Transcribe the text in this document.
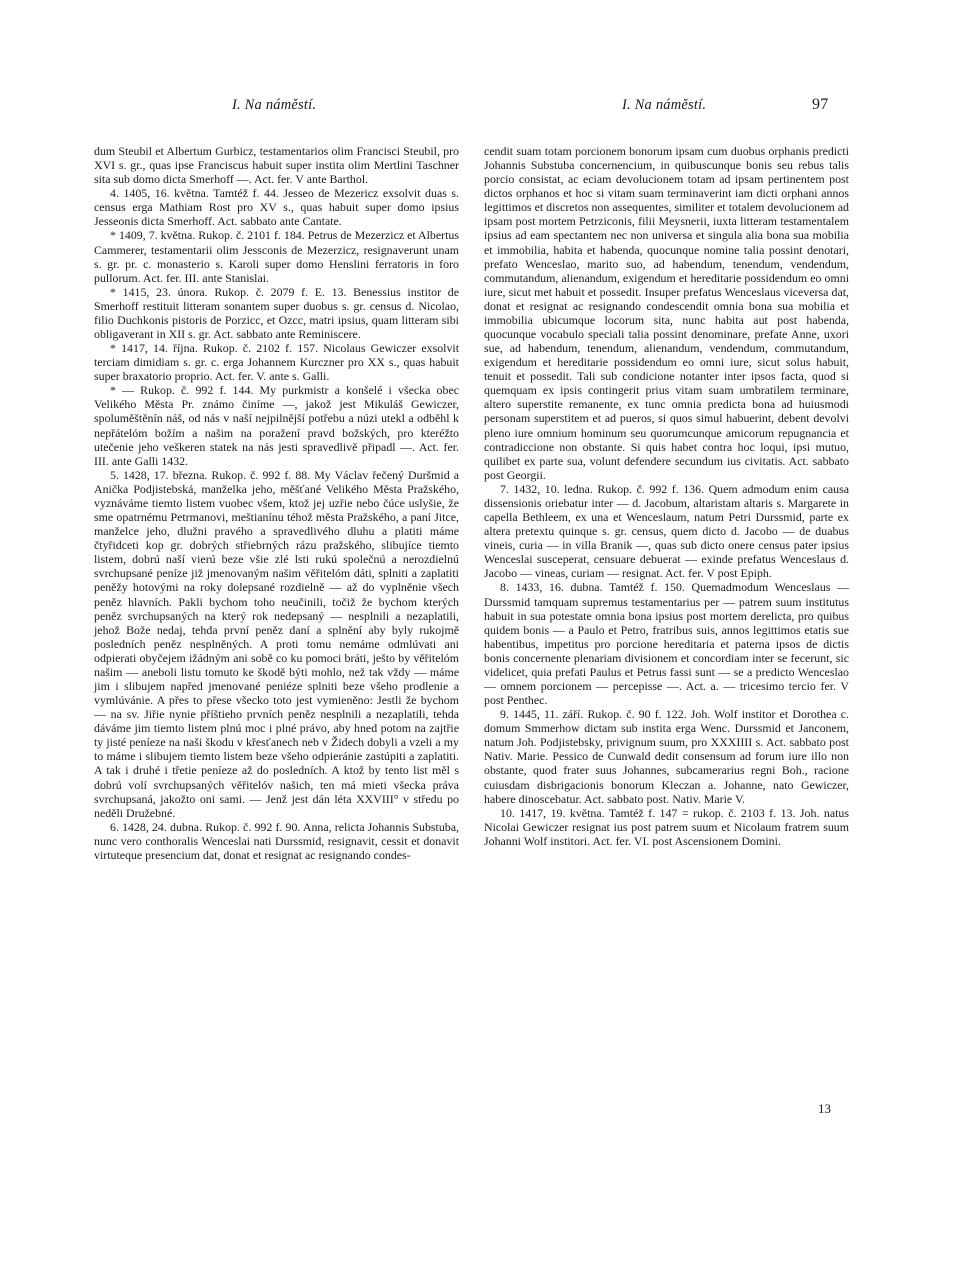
I. Na náměstí.	I. Na náměstí.	97

dum Steubil et Albertum Gurbicz, testamentarios olim Francisci Steubil, pro XVI s. gr., quas ipse Franciscus habuit super instita olim Mertlini Taschner sita sub domo dicta Smerhoff —. Act. fer. V ante Barthol.

4. 1405, 16. května. Tamtéž f. 44. Jesseo de Mezericz exsolvit duas s. census erga Mathiam Rost pro XV s., quas habuit super domo ipsius Jesseonis dicta Smerhoff. Act. sabbato ante Cantate.

* 1409, 7. května. Rukop. č. 2101 f. 184. Petrus de Mezerzicz et Albertus Cammerer, testamentarii olim Jessconis de Mezerzicz, resignaverunt unam s. gr. pr. c. monasterio s. Karoli super domo Henslini ferratoris in foro pullorum. Act. fer. III. ante Stanislai.

* 1415, 23. února. Rukop. č. 2079 f. E. 13. Benessius institor de Smerhoff restituit litteram sonantem super duobus s. gr. census d. Nicolao, filio Duchkonis pistoris de Porzicc, et Ozcc, matri ipsius, quam litteram sibi obligaverant in XII s. gr. Act. sabbato ante Reminiscere.

* 1417, 14. října. Rukop. č. 2102 f. 157. Nicolaus Gewiczer exsolvit terciam dimidiam s. gr. c. erga Johannem Kurczner pro XX s., quas habuit super braxatorio proprio. Act. fer. V. ante s. Galli.

* — Rukop. č. 992 f. 144. My purkmistr a konšelé i všecka obec Velikého Města Pr. známo činíme —, jakož jest Mikuláš Gewiczer, spoluměštěnín náš, od nás v naší nejpilnější potřebu a núzi utekl a odběhl k nepřátelóm božím a našim na poražení pravd božských, pro kteréžto utečenie jeho veškeren statek na nás jesti spravedlivě připadl —. Act. fer. III. ante Galli 1432.

5. 1428, 17. března. Rukop. č. 992 f. 88. My Václav řečený Duršmid a Anička Podjistebská, manželka jeho, měšťané Velikého Města Pražského, vyznáváme tiemto listem vuobec všem, ktož jej uzřie nebo čúce uslyšie, že sme opatrnému Petrmanovi, meštianínu téhož města Pražského, a paní Jitce, manželce jeho, dlužni pravého a spravedlivého dluhu a platiti máme čtyřidceti kop gr. dobrých střiebrných rázu pražského, slibujíce tiemto listem, dobrú naší vierú beze všie zlé lsti rukú společnú a nerozdielnú svrchupsané peníze již jmenovaným našim věřitelóm dáti, splniti a zaplatiti peněžy hotovými na roky dolepsané rozdielně — až do vyplněnie všech peněz hlavních. Pakli bychom toho neučinili, točiž že bychom kterých peněz svrchupsaných na který rok nedepsaný — nesplnili a nezaplatili, jehož Bože nedaj, tehda první peněz daní a splnění aby byly rukojmě posledních peněz nesplněných. A proti tomu nemáme odmlúvati ani odpierati obyčejem ižádným ani sobě co ku pomoci bráti, ješto by věřitelóm našim — aneboli listu tomuto ke škodě býti mohlo, než tak vždy — máme jim i slibujem napřed jmenované peniéze splniti beze všeho prodlenie a vymlúvánie. A přes to přese všecko toto jest vymieněno: Jestli že bychom — na sv. Jiřie nynie příštieho prvních peněz nesplnili a nezaplatili, tehda dáváme jim tiemto listem plnú moc i plné právo, aby hned potom na zajtřie ty jisté peníeze na naši škodu v křesťanech neb v Židech dobyli a vzeli a my to máme i slibujem tiemto listem beze všeho odpieránie zastúpiti a zaplatiti. A tak i druhé i třetie peníeze až do posledních. A ktož by tento list měl s dobrú volí svrchupsaných věřitelóv našich, ten má mieti všecka práva svrchupsaná, jakožto oni sami. — Jenž jest dán léta XXVIII° v středu po neděli Družebné.

6. 1428, 24. dubna. Rukop. č. 992 f. 90. Anna, relicta Johannis Substuba, nunc vero conthoralis Wenceslai nati Durssmid, resignavit, cessit et donavit virtuteque presencium dat, donat et resignat ac resignando condes-

cendit suam totam porcionem bonorum ipsam cum duobus orphanis predicti Johannis Substuba concernencium, in quibuscunque bonis seu rebus talis porcio consistat, ac eciam devolucionem totam ad ipsam pertinentem post dictos orphanos et hoc si vitam suam terminaverint iam dicti orphani annos legittimos et discretos non assequentes, similiter et totalem devolucionem ad ipsam post mortem Petrziconis, filii Meysnerii, iuxta litteram testamentalem ipsius ad eam spectantem nec non universa et singula alia bona sua mobilia et immobilia, habita et habenda, quocunque nomine talia possint denotari, prefato Wenceslao, marito suo, ad habendum, tenendum, vendendum, commutandum, alienandum, exigendum et hereditarie possidendum eo omni iure, sicut met habuit et possedit. Insuper prefatus Wenceslaus viceversa dat, donat et resignat ac resignando condescendit omnia bona sua mobilia et immobilia ubicumque locorum sita, nunc habita aut post habenda, quocunque vocabulo speciali talia possint denominare, prefate Anne, uxori sue, ad habendum, tenendum, alienandum, vendendum, commutandum, exigendum et hereditarie possidendum eo omni iure, sicut solus habuit, tenuit et possedit. Tali sub condicione notanter inter ipsos facta, quod si quemquam ex ipsis contingerit prius vitam suam umbratilem terminare, altero superstite remanente, ex tunc omnia predicta bona ad huiusmodi personam superstitem et ad pueros, si quos simul habuerint, debent devolvi pleno iure omnium hominum seu quorumcunque amicorum repugnancia et contradiccione non obstante. Si quis habet contra hoc loqui, ipsi mutuo, quilibet ex parte sua, volunt defendere secundum ius civitatis. Act. sabbato post Georgii.

7. 1432, 10. ledna. Rukop. č. 992 f. 136. Quem admodum enim causa dissensionis oriebatur inter — d. Jacobum, altaristam altaris s. Margarete in capella Bethleem, ex una et Wenceslaum, natum Petri Durssmid, parte ex altera pretextu quinque s. gr. census, quem dicto d. Jacobo — de duabus vineis, curia — in villa Branik —, quas sub dicto onere census pater ipsius Wenceslai susceperat, censuare debuerat — exinde prefatus Wenceslaus d. Jacobo — vineas, curiam — resignat. Act. fer. V post Epiph.

8. 1433, 16. dubna. Tamtéž f. 150. Quemadmodum Wenceslaus — Durssmid tamquam supremus testamentarius per — patrem suum institutus habuit in sua potestate omnia bona ipsius post mortem derelicta, pro quibus quidem bonis — a Paulo et Petro, fratribus suis, annos legittimos etatis sue habentibus, impetitus pro porcione hereditaria et paterna ipsos de dictis bonis concernente plenariam divisionem et concordiam inter se fecerunt, sic videlicet, quia prefati Paulus et Petrus fassi sunt — se a predicto Wenceslao — omnem porcionem — percepisse —. Act. a. — tricesimo tercio fer. V post Penthec.

9. 1445, 11. září. Rukop. č. 90 f. 122. Joh. Wolf institor et Dorothea c. domum Smmerhow dictam sub instita erga Wenc. Durssmid et Janconem, natum Joh. Podjistebsky, privignum suum, pro XXXIIII s. Act. sabbato post Nativ. Marie. Pessico de Cunwald dedit consensum ad forum iure illo non obstante, quod frater suus Johannes, subcamerarius regni Boh., racione cuiusdam disbrigacionis bonorum Kleczan a. Johanne, nato Gewiczer, habere dinoscebatur. Act. sabbato post. Nativ. Marie V.

10. 1417, 19. května. Tamtéž f. 147 = rukop. č. 2103 f. 13. Joh. natus Nicolai Gewiczer resignat ius post patrem suum et Nicolaum fratrem suum Johanni Wolf institori. Act. fer. VI. post Ascensionem Domini.

13
